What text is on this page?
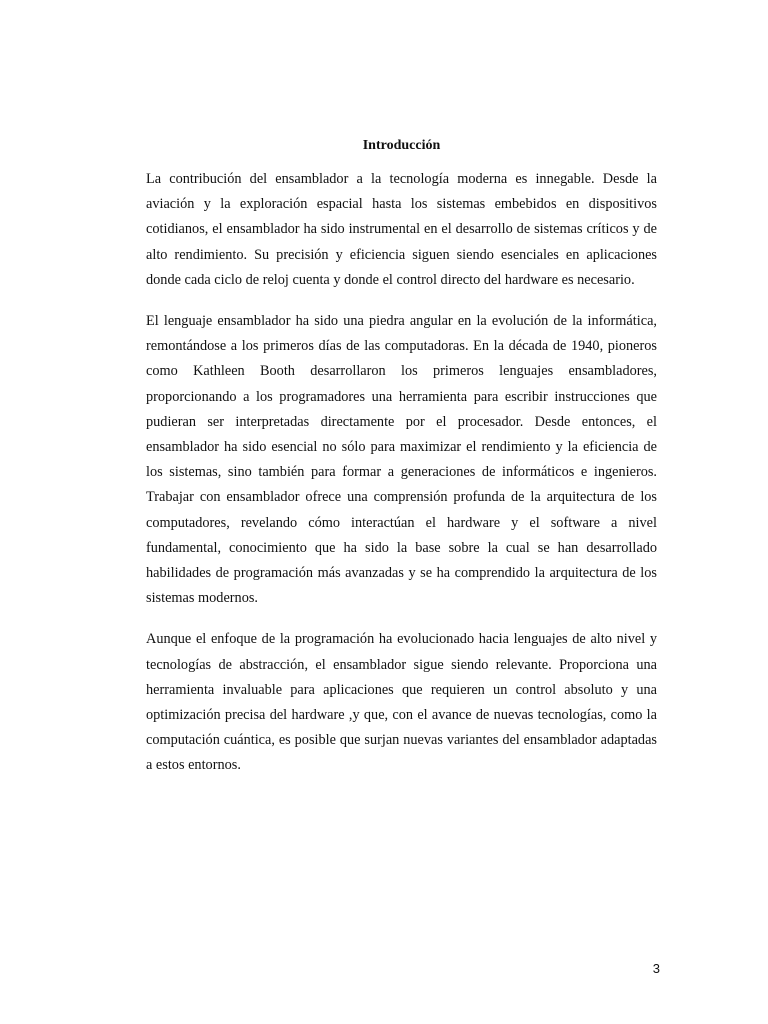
Introducción

La contribución del ensamblador a la tecnología moderna es innegable. Desde la aviación y la exploración espacial hasta los sistemas embebidos en dispositivos cotidianos, el ensamblador ha sido instrumental en el desarrollo de sistemas críticos y de alto rendimiento. Su precisión y eficiencia siguen siendo esenciales en aplicaciones donde cada ciclo de reloj cuenta y donde el control directo del hardware es necesario.

El lenguaje ensamblador ha sido una piedra angular en la evolución de la informática, remontándose a los primeros días de las computadoras. En la década de 1940, pioneros como Kathleen Booth desarrollaron los primeros lenguajes ensambladores, proporcionando a los programadores una herramienta para escribir instrucciones que pudieran ser interpretadas directamente por el procesador. Desde entonces, el ensamblador ha sido esencial no sólo para maximizar el rendimiento y la eficiencia de los sistemas, sino también para formar a generaciones de informáticos e ingenieros. Trabajar con ensamblador ofrece una comprensión profunda de la arquitectura de los computadores, revelando cómo interactúan el hardware y el software a nivel fundamental, conocimiento que ha sido la base sobre la cual se han desarrollado habilidades de programación más avanzadas y se ha comprendido la arquitectura de los sistemas modernos.

Aunque el enfoque de la programación ha evolucionado hacia lenguajes de alto nivel y tecnologías de abstracción, el ensamblador sigue siendo relevante. Proporciona una herramienta invaluable para aplicaciones que requieren un control absoluto y una optimización precisa del hardware ,y que, con el avance de nuevas tecnologías, como la computación cuántica, es posible que surjan nuevas variantes del ensamblador adaptadas a estos entornos.

3
